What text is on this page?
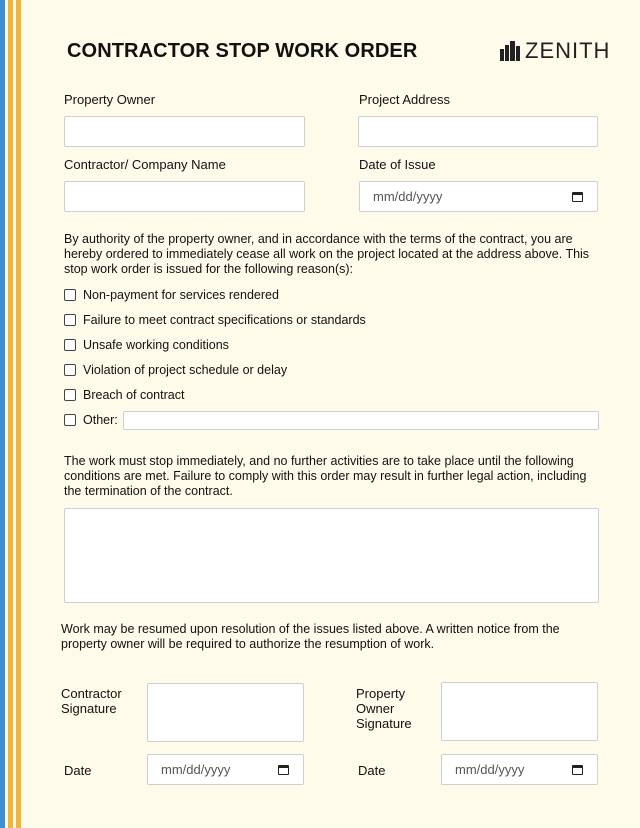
CONTRACTOR STOP WORK ORDER	ZENITH
Property Owner	Project Address
Contractor/ Company Name	Date of Issue
mm/dd/yyyy
By authority of the property owner, and in accordance with the terms of the contract, you are hereby ordered to immediately cease all work on the project located at the address above. This stop work order is issued for the following reason(s):
Non-payment for services rendered
Failure to meet contract specifications or standards
Unsafe working conditions
Violation of project schedule or delay
Breach of contract
Other:
The work must stop immediately, and no further activities are to take place until the following conditions are met. Failure to comply with this order may result in further legal action, including the termination of the contract.
Work may be resumed upon resolution of the issues listed above. A written notice from the property owner will be required to authorize the resumption of work.
Contractor Signature
Property Owner Signature
Date	mm/dd/yyyy	Date	mm/dd/yyyy
